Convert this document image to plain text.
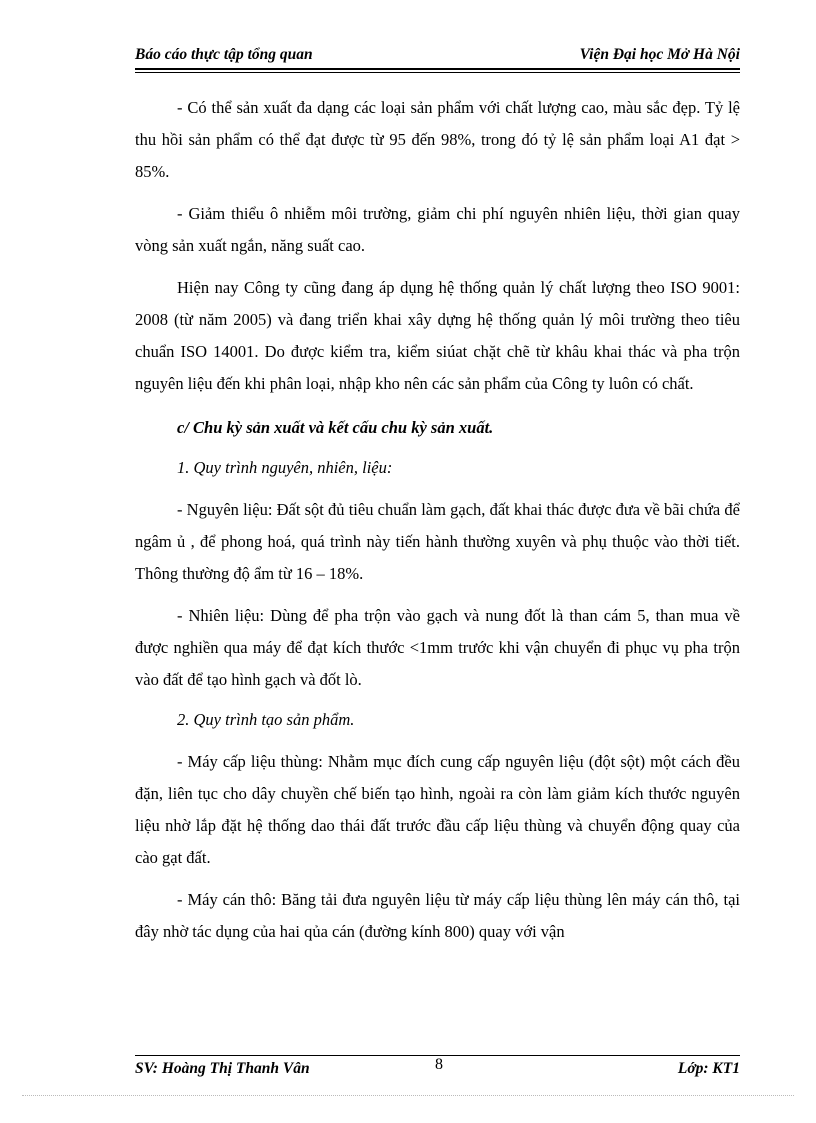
Báo cáo thực tập tổng quan	Viện Đại học Mở Hà Nội

- Có thể sản xuất đa dạng các loại sản phẩm với chất lượng cao, màu sắc đẹp. Tỷ lệ thu hồi sản phẩm có thể đạt được từ 95 đến 98%, trong đó tỷ lệ sản phẩm loại A1 đạt > 85%.

- Giảm thiểu ô nhiễm môi trường, giảm chi phí nguyên nhiên liệu, thời gian quay vòng sản xuất ngắn, năng suất cao.

Hiện nay Công ty cũng đang áp dụng hệ thống quản lý chất lượng theo ISO 9001: 2008 (từ năm 2005) và đang triển khai xây dựng hệ thống quản lý môi trường theo tiêu chuẩn ISO 14001. Do được kiểm tra, kiểm siúat chặt chẽ từ khâu khai thác và pha trộn nguyên liệu đến khi phân loại, nhập kho nên các sản phẩm của Công ty luôn có chất.

c/ Chu kỳ sản xuất và kết cấu chu kỳ sản xuất.

1. Quy trình nguyên, nhiên, liệu:

- Nguyên liệu: Đất sột đủ tiêu chuẩn làm gạch, đất khai thác được đưa về bãi chứa để ngâm ủ , để phong hoá, quá trình này tiến hành thường xuyên và phụ thuộc vào thời tiết. Thông thường độ ẩm từ 16 – 18%.

- Nhiên liệu: Dùng để pha trộn vào gạch và nung đốt là than cám 5, than mua về được nghiền qua máy để đạt kích thước <1mm trước khi vận chuyển đi phục vụ pha trộn vào đất để tạo hình gạch và đốt lò.

2. Quy trình tạo sản phẩm.

- Máy cấp liệu thùng: Nhằm mục đích cung cấp nguyên liệu (đột sột) một cách đều đặn, liên tục cho dây chuyền chế biến tạo hình, ngoài ra còn làm giảm kích thước nguyên liệu nhờ lắp đặt hệ thống dao thái đất trước đầu cấp liệu thùng và chuyển động quay của cào gạt đất.

- Máy cán thô: Băng tải đưa nguyên liệu từ máy cấp liệu thùng lên máy cán thô, tại đây nhờ tác dụng của hai qủa cán (đường kính 800) quay với vận

SV: Hoàng Thị Thanh Vân	8	Lớp: KT1
